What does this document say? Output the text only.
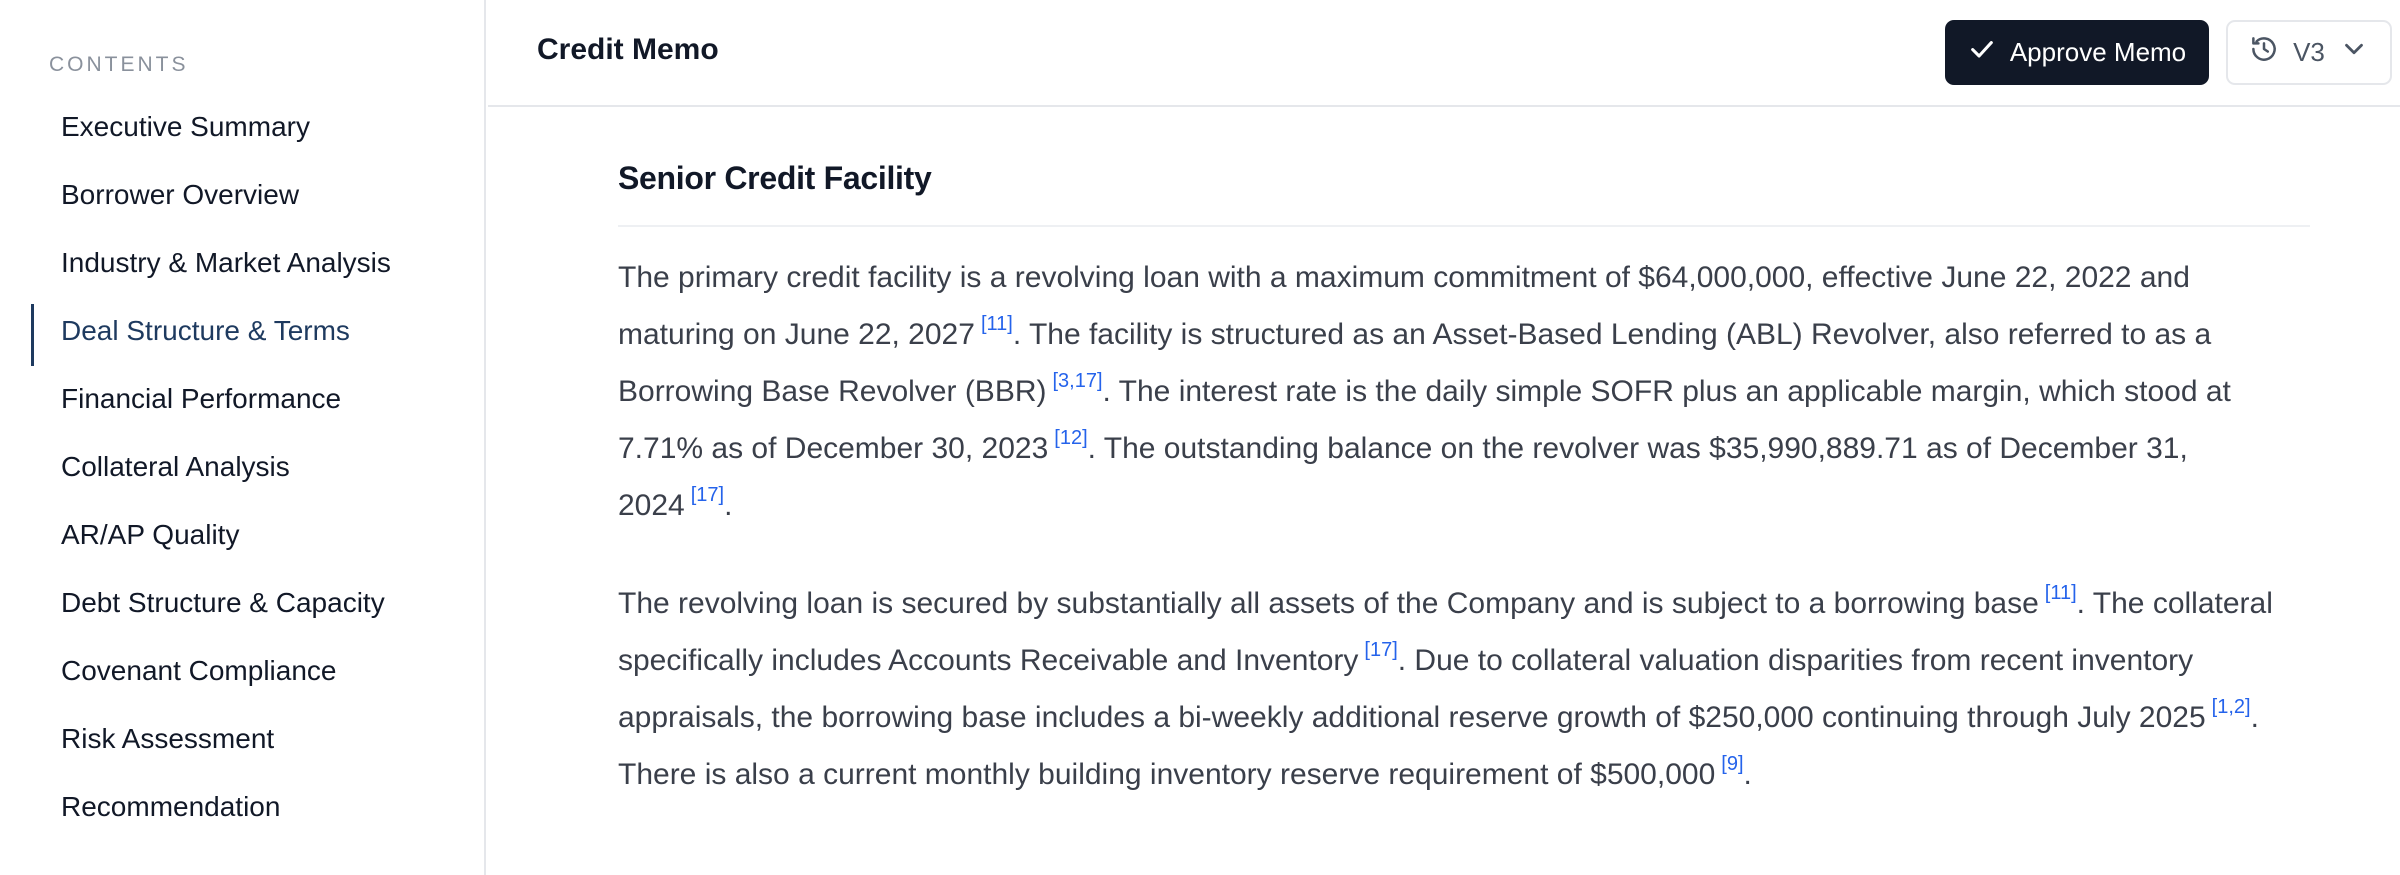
CONTENTS
Executive Summary
Borrower Overview
Industry & Market Analysis
Deal Structure & Terms
Financial Performance
Collateral Analysis
AR/AP Quality
Debt Structure & Capacity
Covenant Compliance
Risk Assessment
Recommendation
Credit Memo	Approve Memo	V3
Senior Credit Facility

The primary credit facility is a revolving loan with a maximum commitment of $64,000,000, effective June 22, 2022 and maturing on June 22, 2027 [11]. The facility is structured as an Asset-Based Lending (ABL) Revolver, also referred to as a Borrowing Base Revolver (BBR) [3,17]. The interest rate is the daily simple SOFR plus an applicable margin, which stood at 7.71% as of December 30, 2023 [12]. The outstanding balance on the revolver was $35,990,889.71 as of December 31, 2024 [17].

The revolving loan is secured by substantially all assets of the Company and is subject to a borrowing base [11]. The collateral specifically includes Accounts Receivable and Inventory [17]. Due to collateral valuation disparities from recent inventory appraisals, the borrowing base includes a bi-weekly additional reserve growth of $250,000 continuing through July 2025 [1,2]. There is also a current monthly building inventory reserve requirement of $500,000 [9].
